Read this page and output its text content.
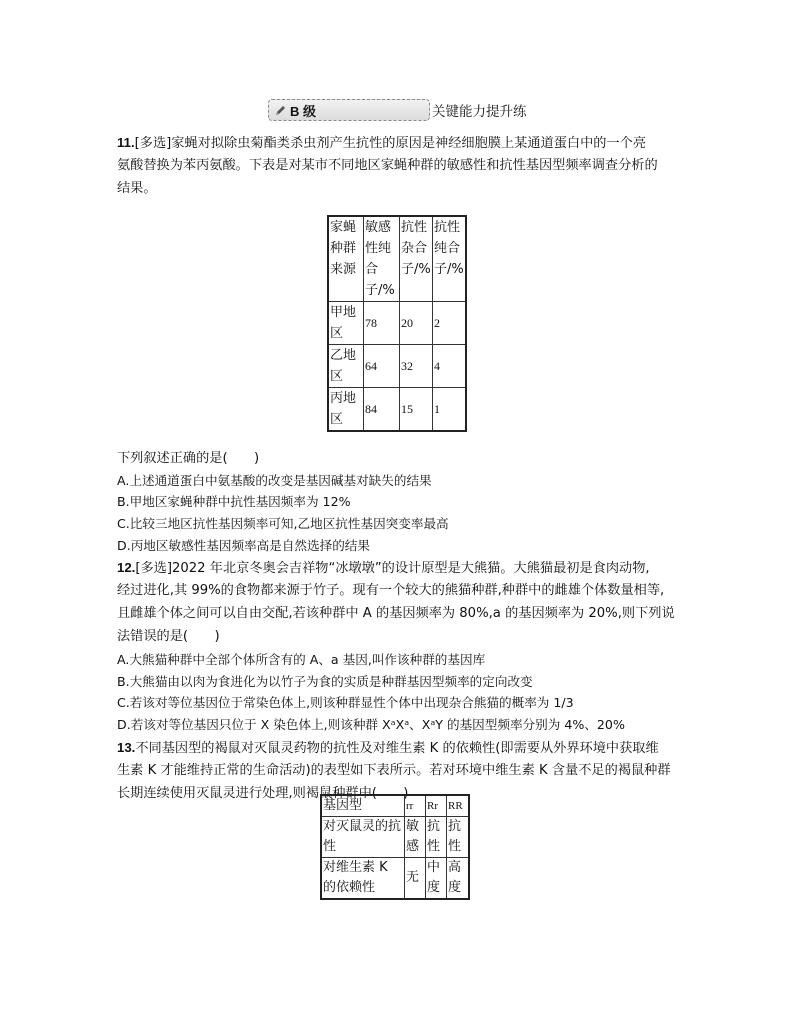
B 级	关键能力提升练
11.[多选]家蝇对拟除虫菊酯类杀虫剂产生抗性的原因是神经细胞膜上某通道蛋白中的一个亮
氨酸替换为苯丙氨酸。下表是对某市不同地区家蝇种群的敏感性和抗性基因型频率调查分析的
结果。
家蝇种群来源	敏感性纯合子/%	抗性杂合子/%	抗性纯合子/%
甲地区	78	20	2
乙地区	64	32	4
丙地区	84	15	1
下列叙述正确的是(　　)
A.上述通道蛋白中氨基酸的改变是基因碱基对缺失的结果
B.甲地区家蝇种群中抗性基因频率为 12%
C.比较三地区抗性基因频率可知,乙地区抗性基因突变率最高
D.丙地区敏感性基因频率高是自然选择的结果
12.[多选]2022 年北京冬奥会吉祥物“冰墩墩”的设计原型是大熊猫。大熊猫最初是食肉动物,
经过进化,其 99%的食物都来源于竹子。现有一个较大的熊猫种群,种群中的雌雄个体数量相等,
且雌雄个体之间可以自由交配,若该种群中 A 的基因频率为 80%,a 的基因频率为 20%,则下列说
法错误的是(　　)
A.大熊猫种群中全部个体所含有的 A、a 基因,叫作该种群的基因库
B.大熊猫由以肉为食进化为以竹子为食的实质是种群基因型频率的定向改变
C.若该对等位基因位于常染色体上,则该种群显性个体中出现杂合熊猫的概率为 1/3
D.若该对等位基因只位于 X 染色体上,则该种群 XᵃXᵃ、XᵃY 的基因型频率分别为 4%、20%
13.不同基因型的褐鼠对灭鼠灵药物的抗性及对维生素 K 的依赖性(即需要从外界环境中获取维
生素 K 才能维持正常的生命活动)的表型如下表所示。若对环境中维生素 K 含量不足的褐鼠种群
长期连续使用灭鼠灵进行处理,则褐鼠种群中(　　)
基因型	rr	Rr	RR
对灭鼠灵的抗性	敏感	抗性	抗性
对维生素 K 的依赖性	无	中度	高度
